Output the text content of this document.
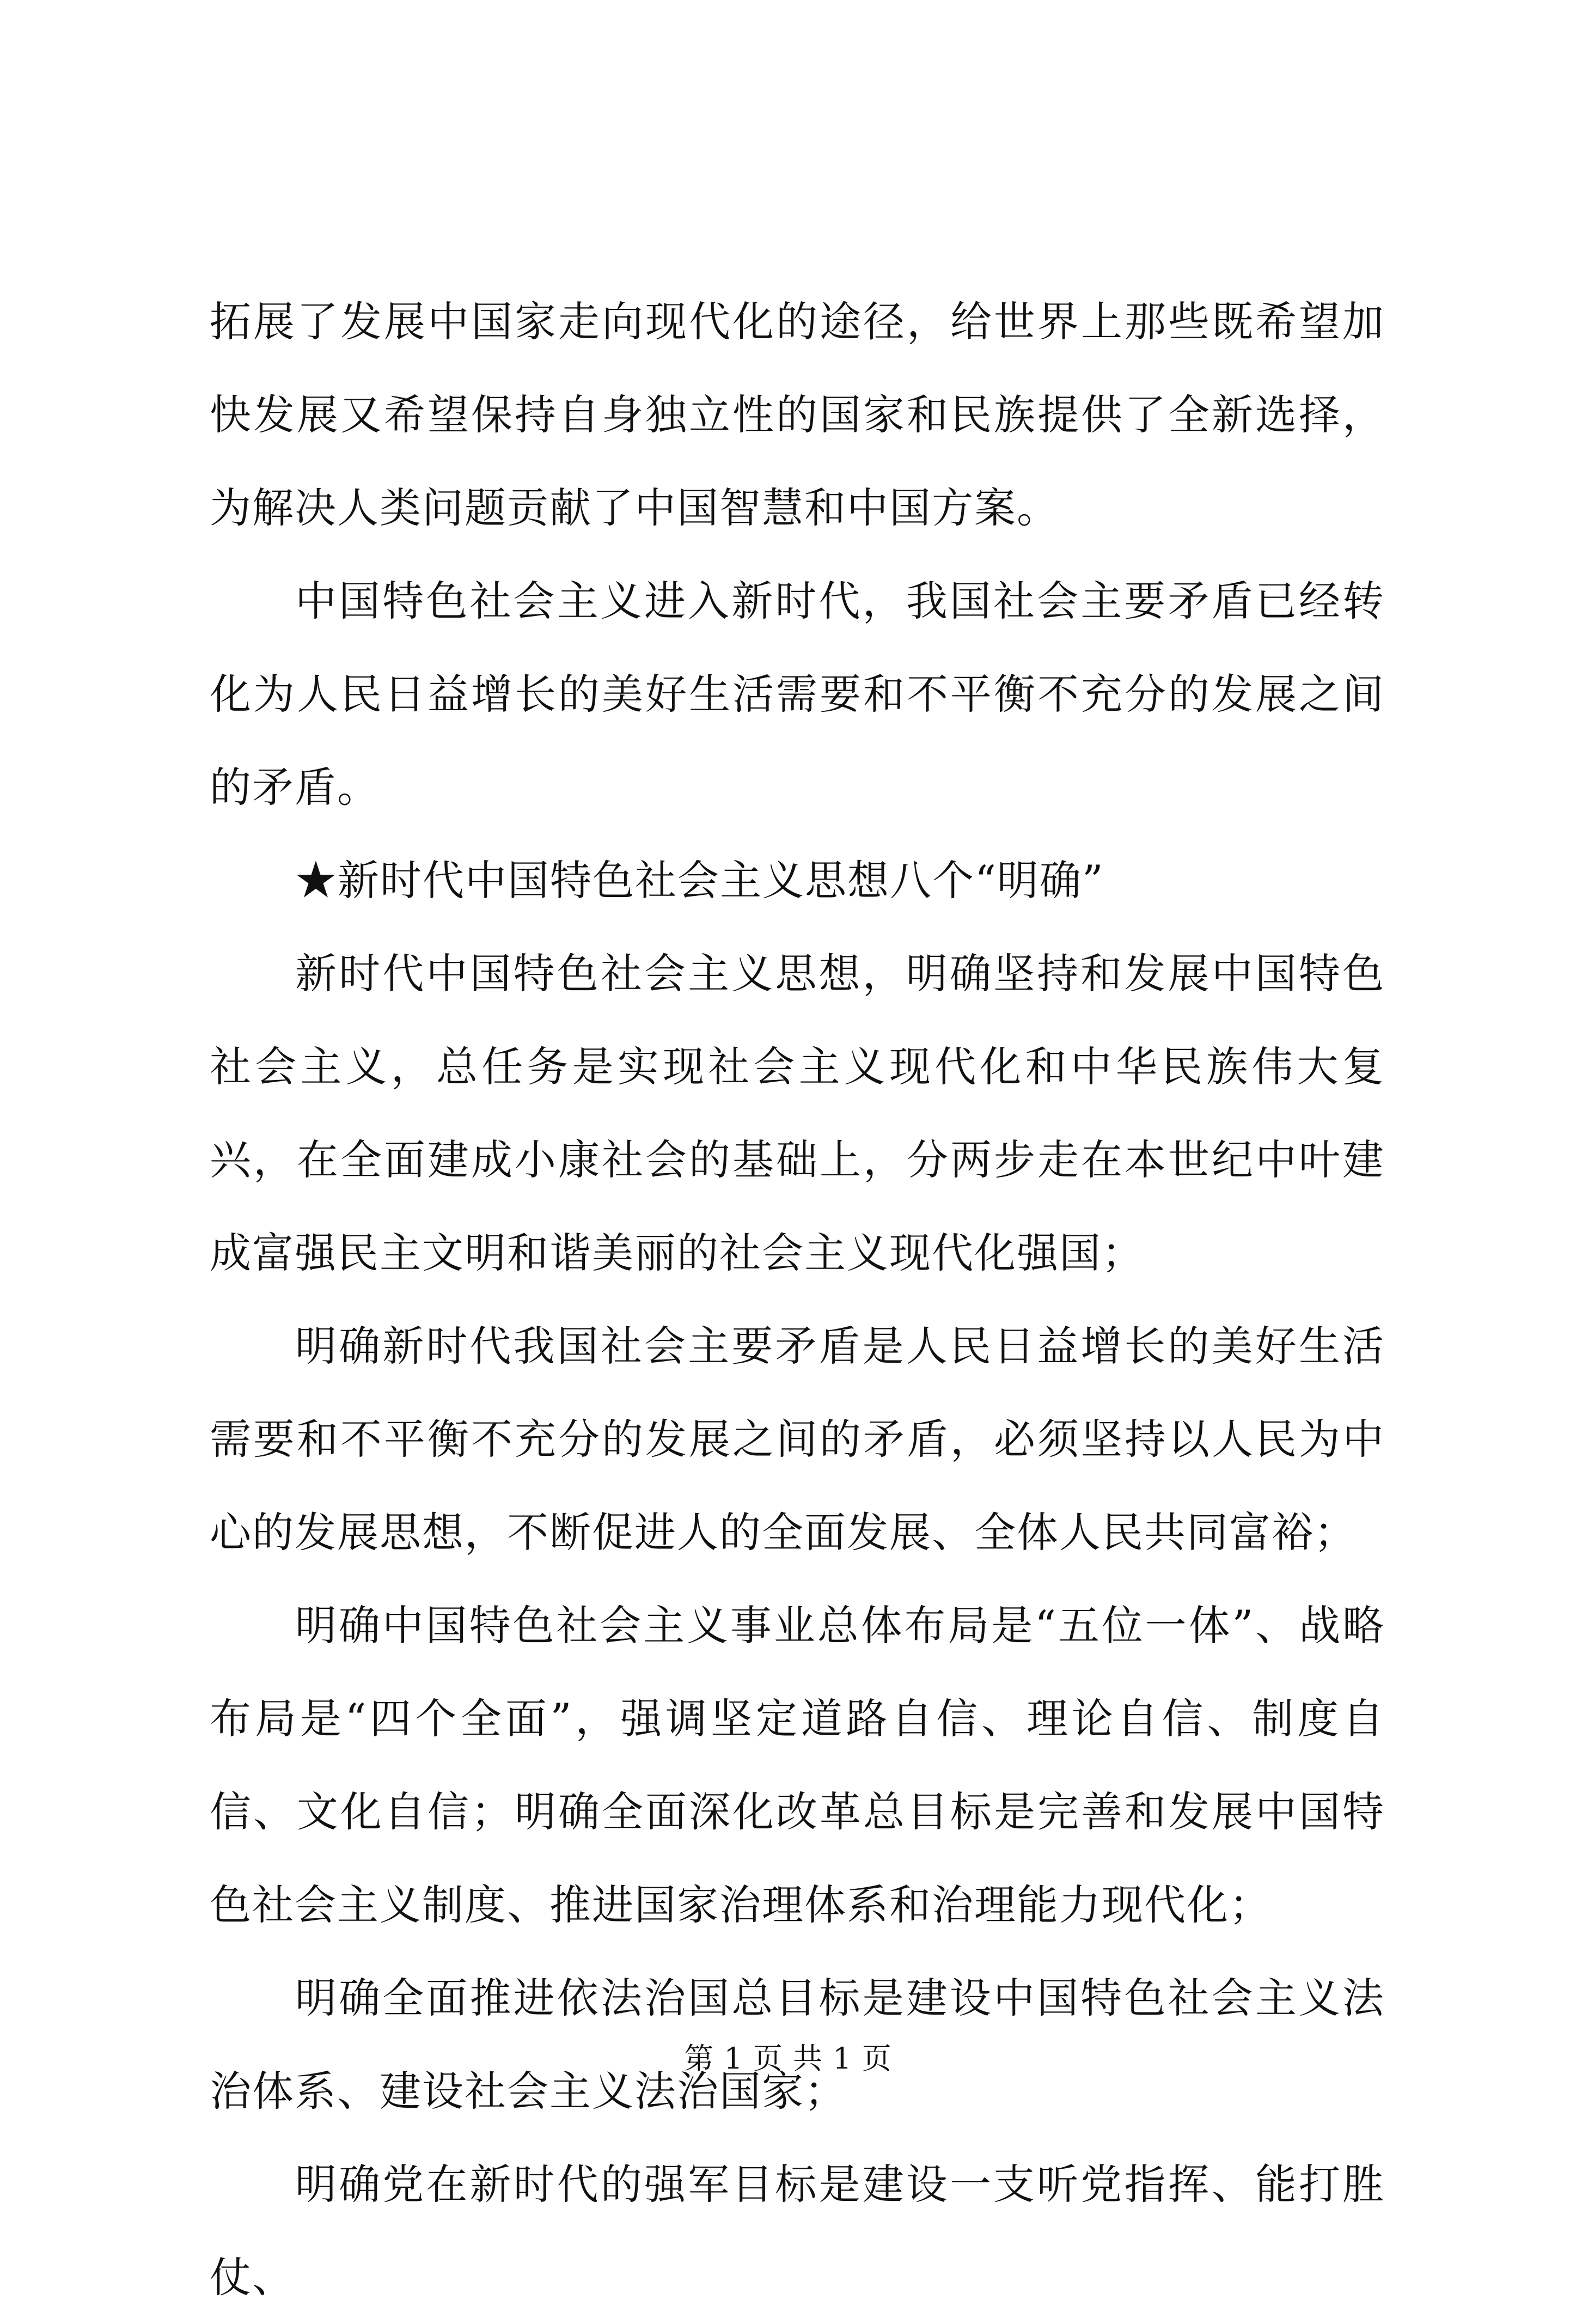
拓展了发展中国家走向现代化的途径，给世界上那些既希望加快发展又希望保持自身独立性的国家和民族提供了全新选择，为解决人类问题贡献了中国智慧和中国方案。

中国特色社会主义进入新时代，我国社会主要矛盾已经转化为人民日益增长的美好生活需要和不平衡不充分的发展之间的矛盾。

★新时代中国特色社会主义思想八个“明确”

新时代中国特色社会主义思想，明确坚持和发展中国特色社会主义，总任务是实现社会主义现代化和中华民族伟大复兴，在全面建成小康社会的基础上，分两步走在本世纪中叶建成富强民主文明和谐美丽的社会主义现代化强国；

明确新时代我国社会主要矛盾是人民日益增长的美好生活需要和不平衡不充分的发展之间的矛盾，必须坚持以人民为中心的发展思想，不断促进人的全面发展、全体人民共同富裕；

明确中国特色社会主义事业总体布局是“五位一体”、战略布局是“四个全面”，强调坚定道路自信、理论自信、制度自信、文化自信；明确全面深化改革总目标是完善和发展中国特色社会主义制度、推进国家治理体系和治理能力现代化；

明确全面推进依法治国总目标是建设中国特色社会主义法治体系、建设社会主义法治国家；

明确党在新时代的强军目标是建设一支听党指挥、能打胜仗、

第 1 页 共 1 页
